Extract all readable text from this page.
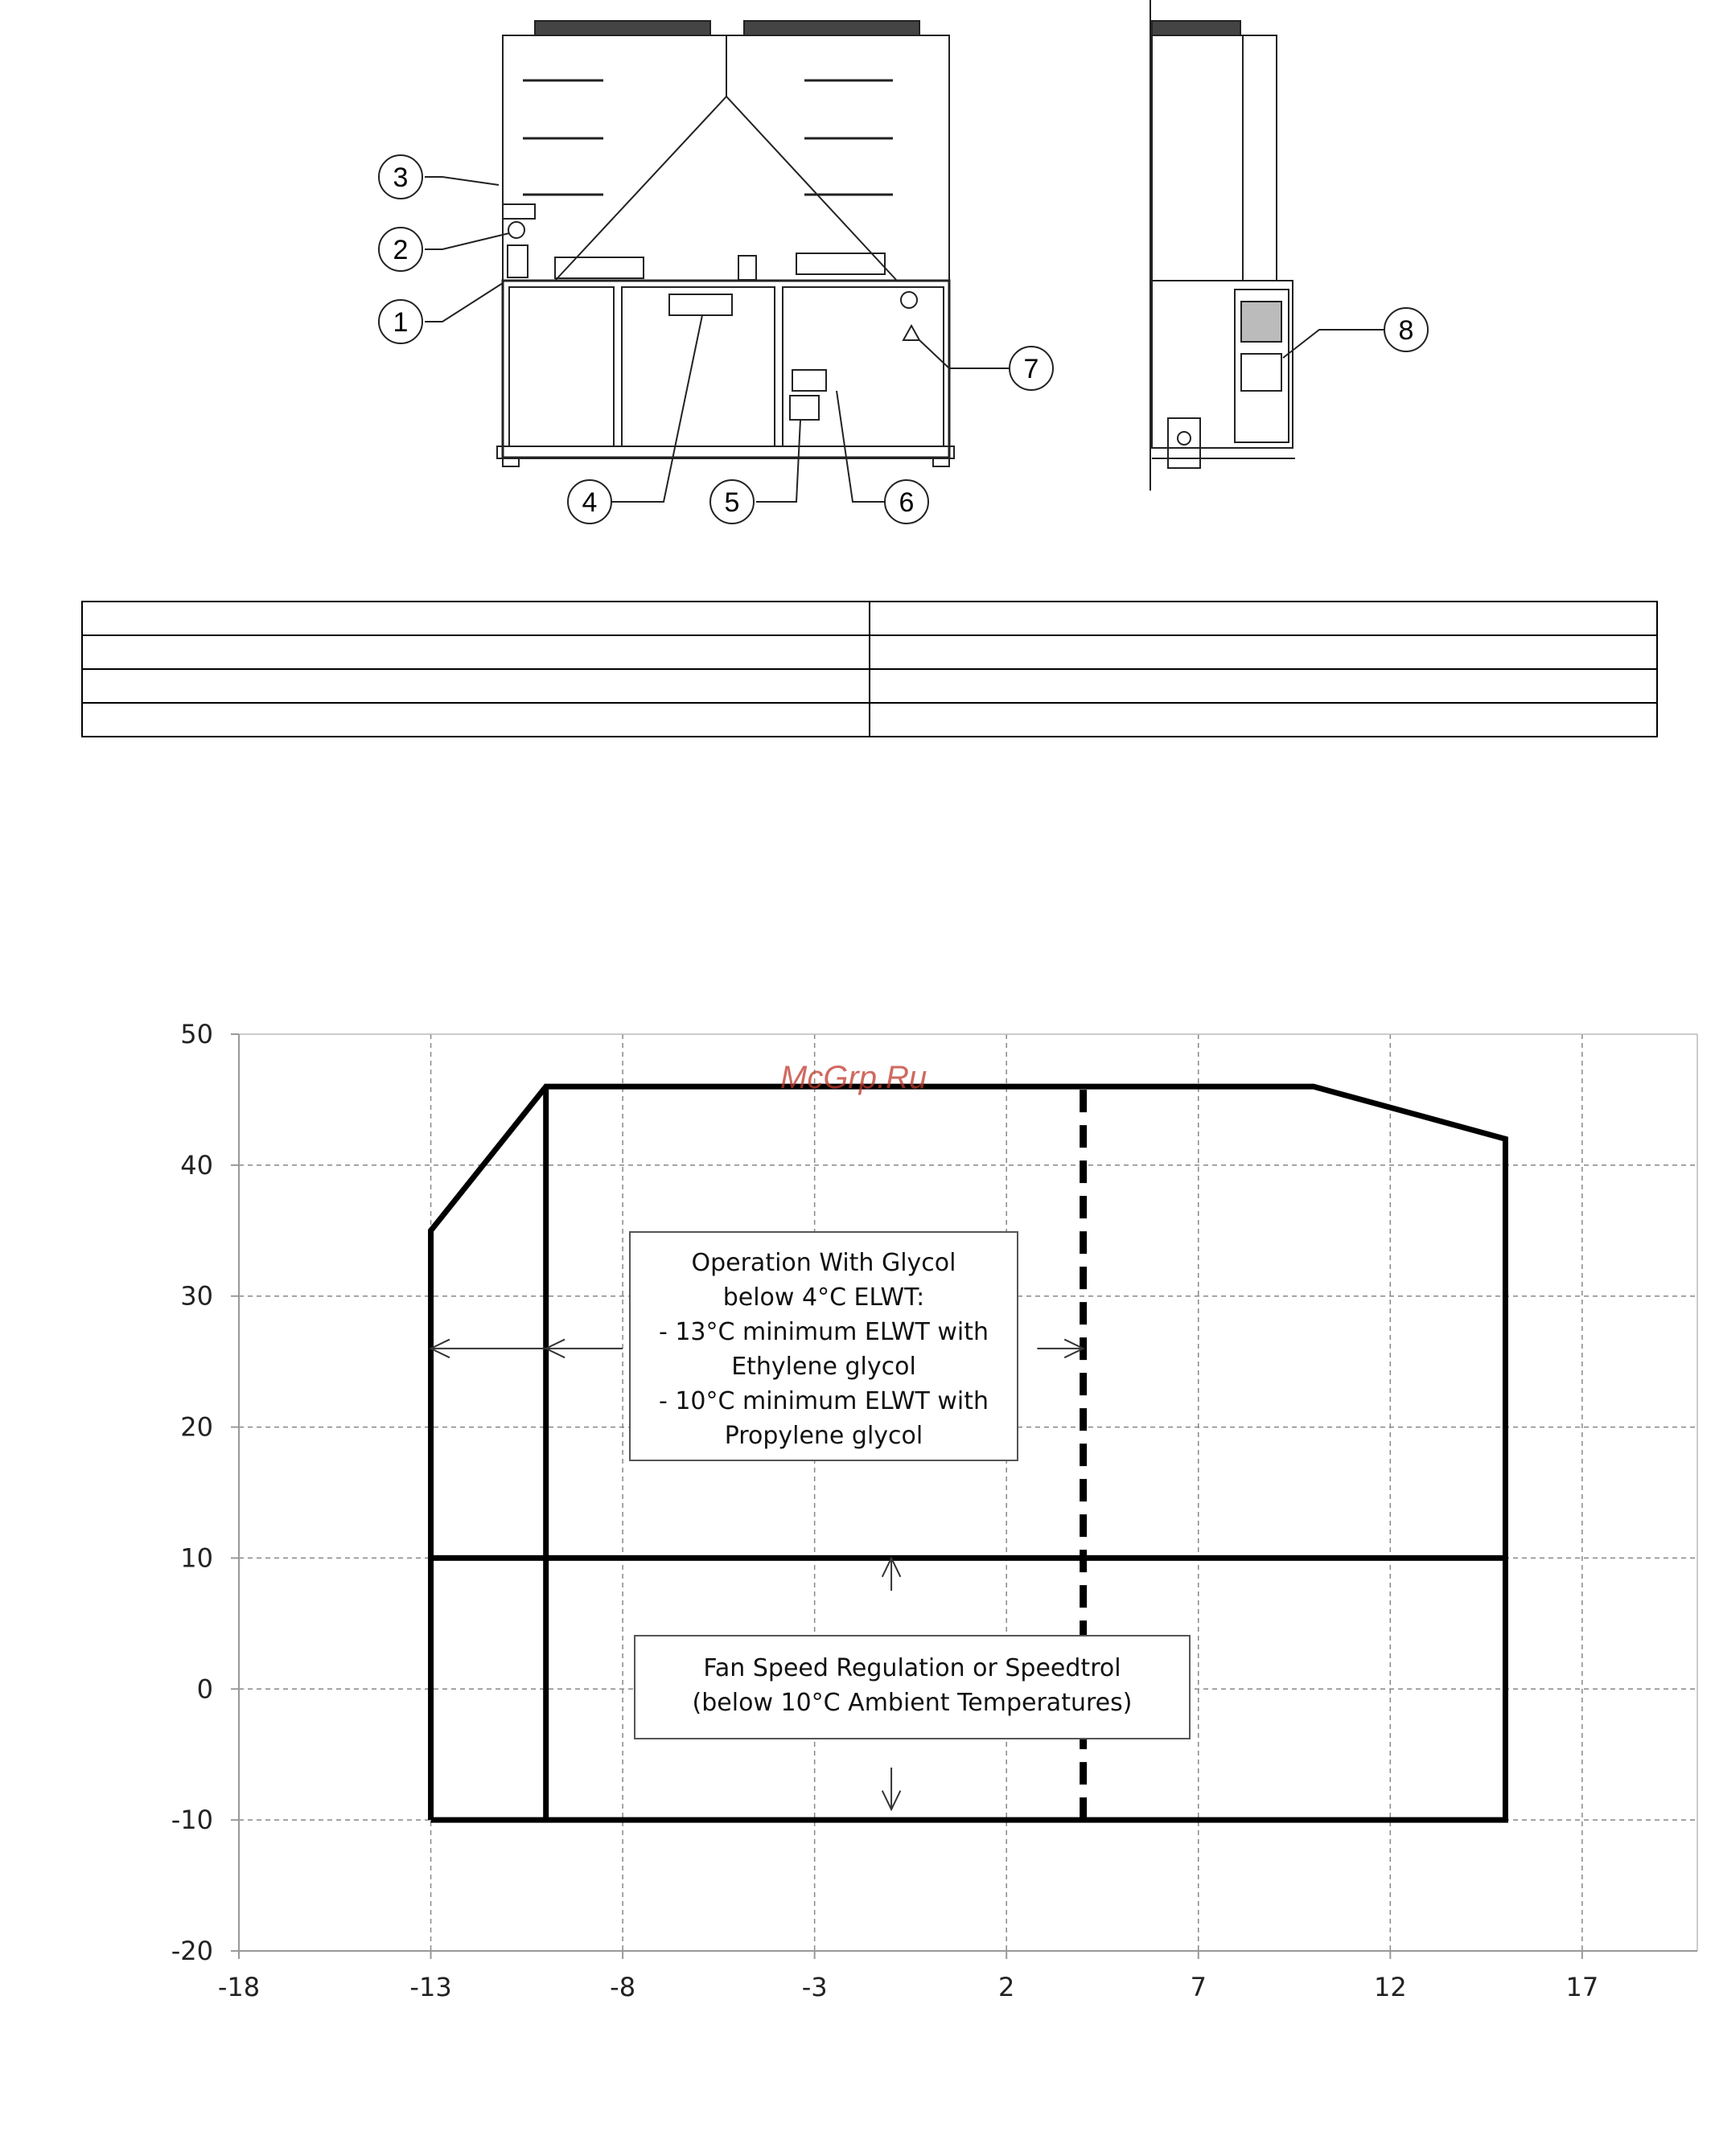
1
2
3
4	5	6
7
8

-18	-13	-8	-3	2	7	12	17
-20
-10
0
10
20
30
40
50
McGrp.Ru
Operation With Glycol
below 4°C ELWT:
- 13°C minimum ELWT with
Ethylene glycol
- 10°C minimum ELWT with
Propylene glycol
Fan Speed Regulation or Speedtrol
(below 10°C Ambient Temperatures)
